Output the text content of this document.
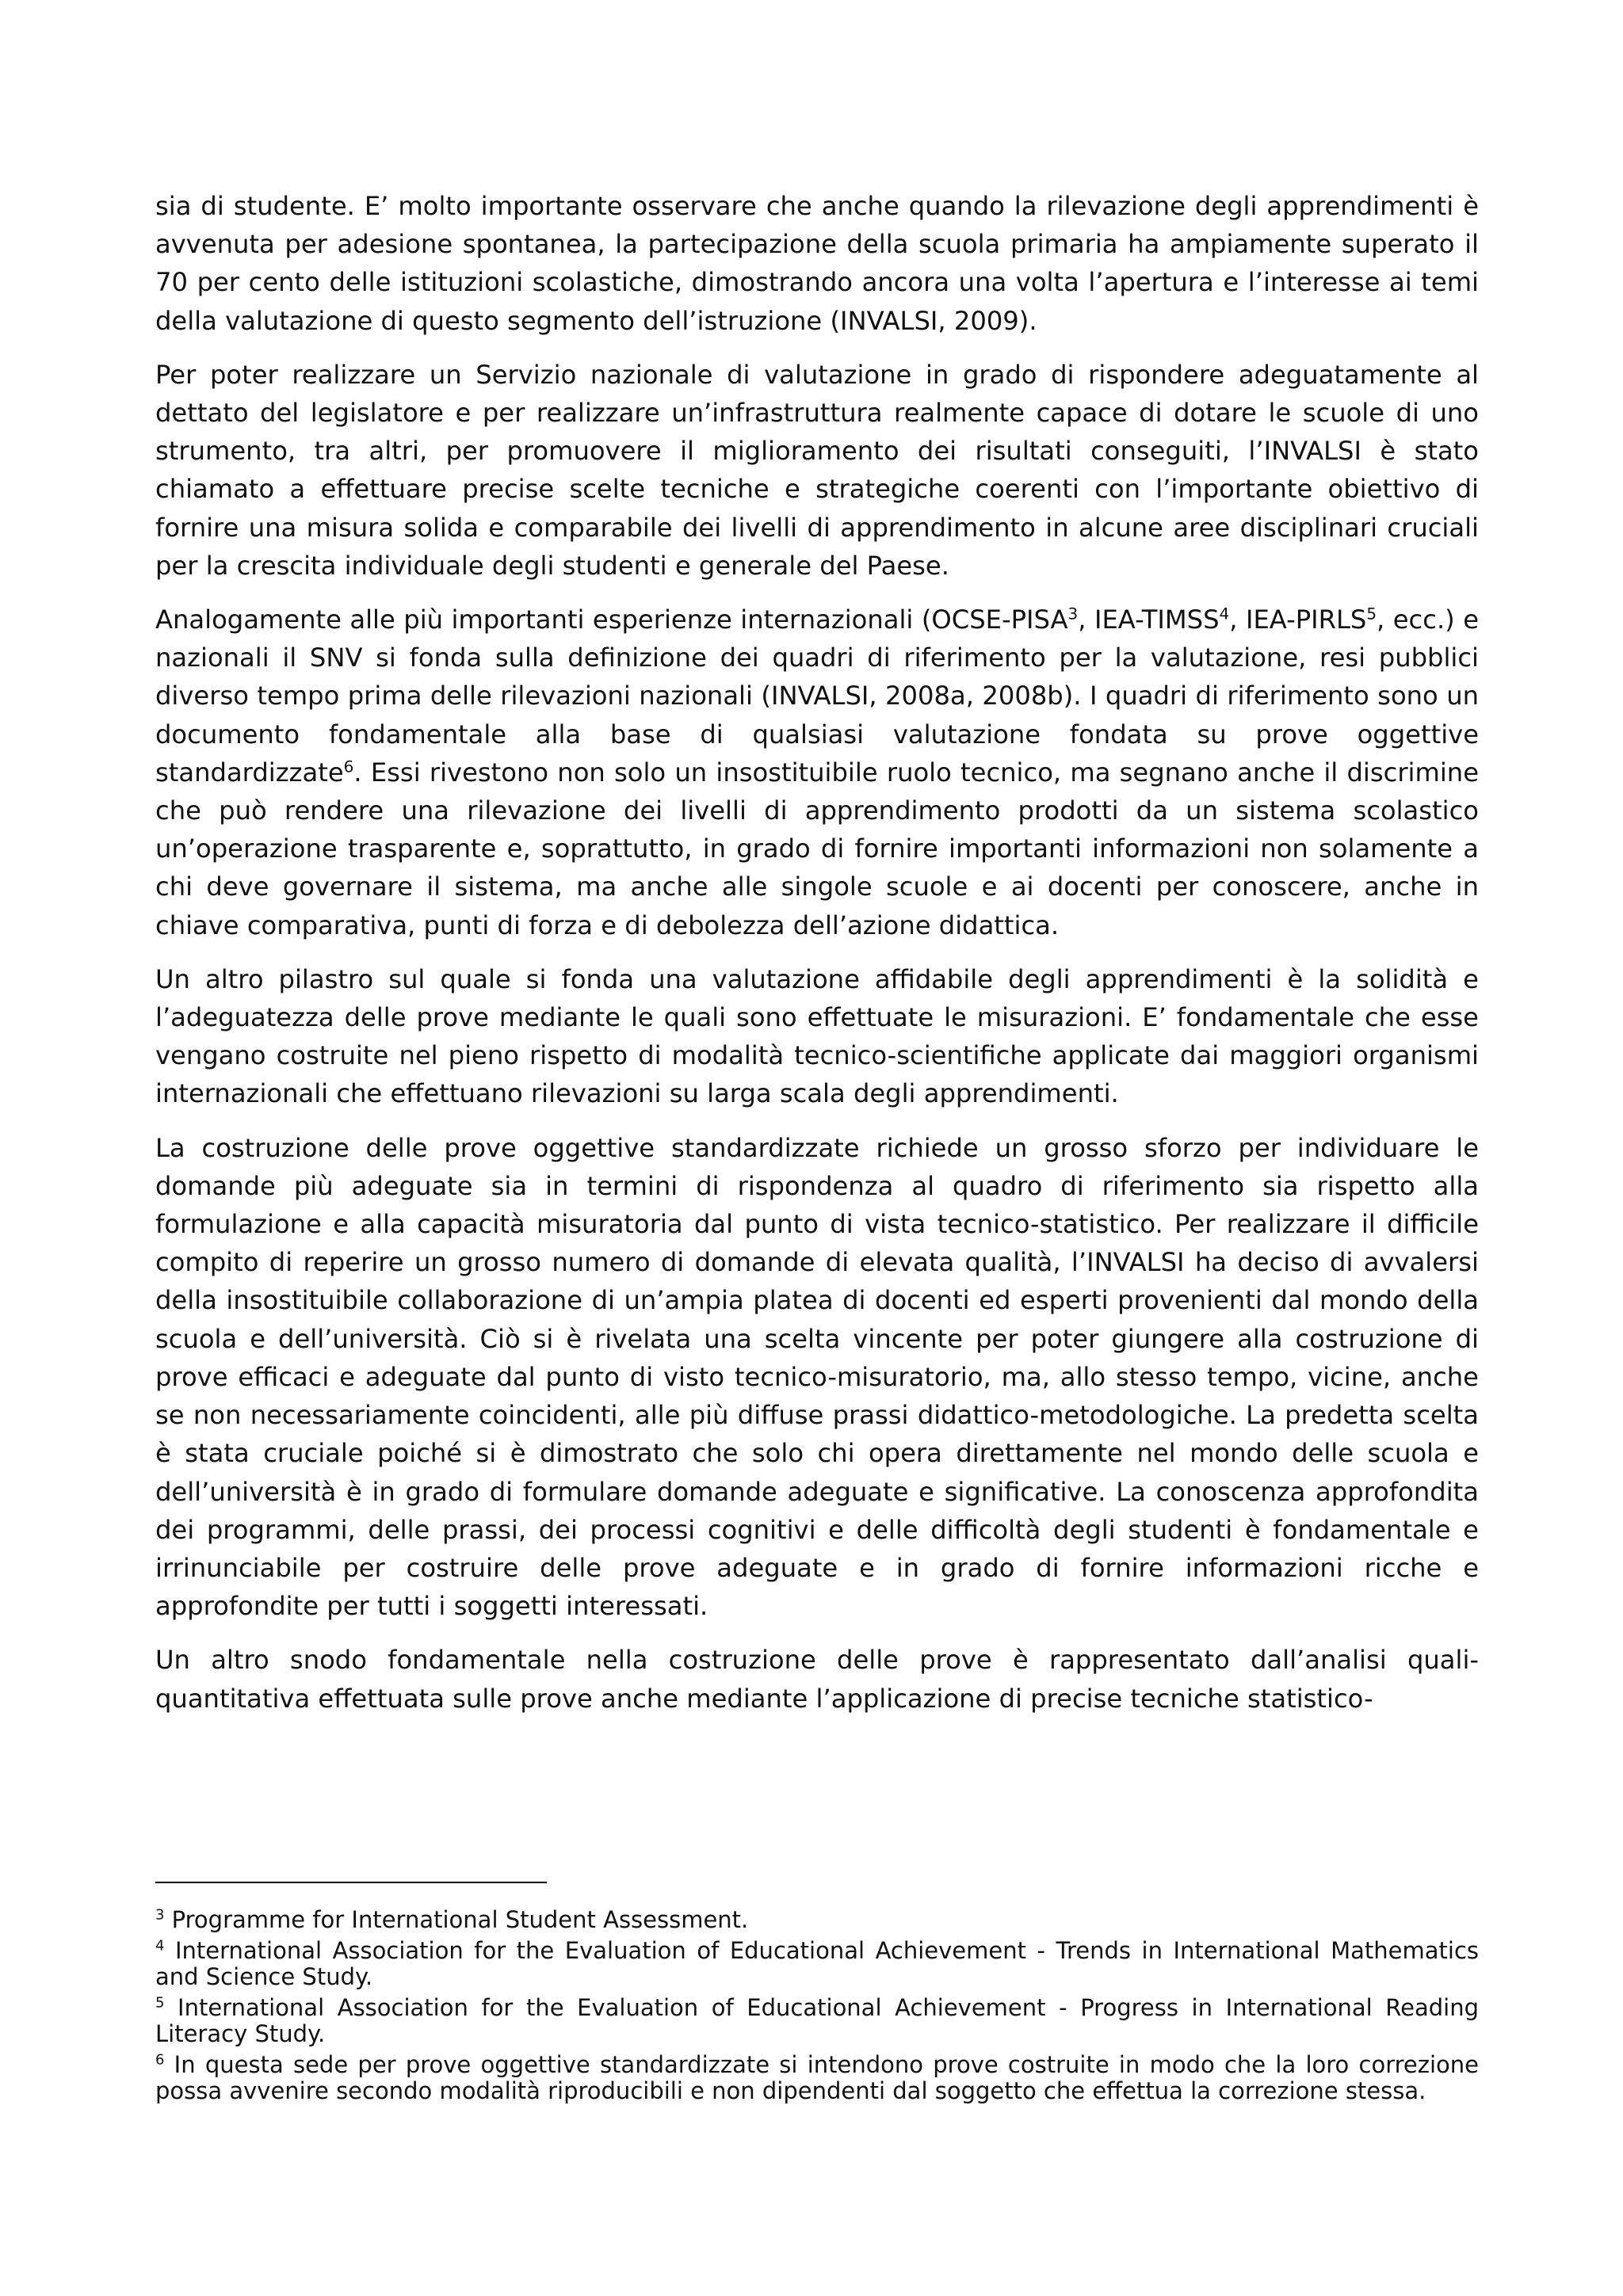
sia di studente. E’ molto importante osservare che anche quando la rilevazione degli apprendimenti è avvenuta per adesione spontanea, la partecipazione della scuola primaria ha ampiamente superato il 70 per cento delle istituzioni scolastiche, dimostrando ancora una volta l’apertura e l’interesse ai temi della valutazione di questo segmento dell’istruzione (INVALSI, 2009).

Per poter realizzare un Servizio nazionale di valutazione in grado di rispondere adeguatamente al dettato del legislatore e per realizzare un’infrastruttura realmente capace di dotare le scuole di uno strumento, tra altri, per promuovere il miglioramento dei risultati conseguiti, l’INVALSI è stato chiamato a effettuare precise scelte tecniche e strategiche coerenti con l’importante obiettivo di fornire una misura solida e comparabile dei livelli di apprendimento in alcune aree disciplinari cruciali per la crescita individuale degli studenti e generale del Paese.

Analogamente alle più importanti esperienze internazionali (OCSE-PISA$^3$, IEA-TIMSS$^4$, IEA-PIRLS$^5$, ecc.) e nazionali il SNV si fonda sulla definizione dei quadri di riferimento per la valutazione, resi pubblici diverso tempo prima delle rilevazioni nazionali (INVALSI, 2008a, 2008b). I quadri di riferimento sono un documento fondamentale alla base di qualsiasi valutazione fondata su prove oggettive standardizzate$^6$. Essi rivestono non solo un insostituibile ruolo tecnico, ma segnano anche il discrimine che può rendere una rilevazione dei livelli di apprendimento prodotti da un sistema scolastico un’operazione trasparente e, soprattutto, in grado di fornire importanti informazioni non solamente a chi deve governare il sistema, ma anche alle singole scuole e ai docenti per conoscere, anche in chiave comparativa, punti di forza e di debolezza dell’azione didattica.

Un altro pilastro sul quale si fonda una valutazione affidabile degli apprendimenti è la solidità e l’adeguatezza delle prove mediante le quali sono effettuate le misurazioni. E’ fondamentale che esse vengano costruite nel pieno rispetto di modalità tecnico-scientifiche applicate dai maggiori organismi internazionali che effettuano rilevazioni su larga scala degli apprendimenti.

La costruzione delle prove oggettive standardizzate richiede un grosso sforzo per individuare le domande più adeguate sia in termini di rispondenza al quadro di riferimento sia rispetto alla formulazione e alla capacità misuratoria dal punto di vista tecnico-statistico. Per realizzare il difficile compito di reperire un grosso numero di domande di elevata qualità, l’INVALSI ha deciso di avvalersi della insostituibile collaborazione di un’ampia platea di docenti ed esperti provenienti dal mondo della scuola e dell’università. Ciò si è rivelata una scelta vincente per poter giungere alla costruzione di prove efficaci e adeguate dal punto di visto tecnico-misuratorio, ma, allo stesso tempo, vicine, anche se non necessariamente coincidenti, alle più diffuse prassi didattico-metodologiche. La predetta scelta è stata cruciale poiché si è dimostrato che solo chi opera direttamente nel mondo delle scuola e dell’università è in grado di formulare domande adeguate e significative. La conoscenza approfondita dei programmi, delle prassi, dei processi cognitivi e delle difficoltà degli studenti è fondamentale e irrinunciabile per costruire delle prove adeguate e in grado di fornire informazioni ricche e approfondite per tutti i soggetti interessati.

Un altro snodo fondamentale nella costruzione delle prove è rappresentato dall’analisi quali-quantitativa effettuata sulle prove anche mediante l’applicazione di precise tecniche statistico-

$^3$ Programme for International Student Assessment.

$^4$ International Association for the Evaluation of Educational Achievement - Trends in International Mathematics and Science Study.

$^5$ International Association for the Evaluation of Educational Achievement - Progress in International Reading Literacy Study.

$^6$ In questa sede per prove oggettive standardizzate si intendono prove costruite in modo che la loro correzione possa avvenire secondo modalità riproducibili e non dipendenti dal soggetto che effettua la correzione stessa.
